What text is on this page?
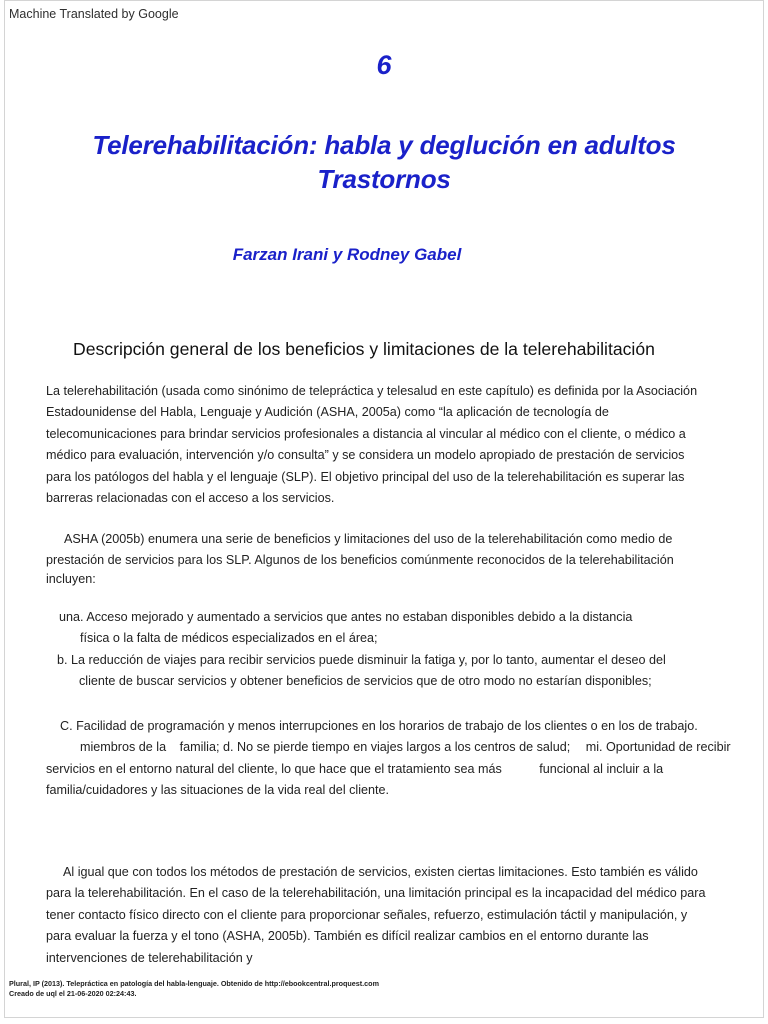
Machine Translated by Google
6
Telerehabilitación: habla y deglución en adultos
Trastornos
Farzan Irani y Rodney Gabel
Descripción general de los beneficios y limitaciones de la telerehabilitación
La telerehabilitación (usada como sinónimo de telepráctica y telesalud en este capítulo) es definida por la Asociación
Estadounidense del Habla, Lenguaje y Audición (ASHA, 2005a) como “la aplicación de tecnología de
telecomunicaciones para brindar servicios profesionales a distancia al vincular al médico con el cliente, o médico a
médico para evaluación, intervención y/o consulta” y se considera un modelo apropiado de prestación de servicios
para los patólogos del habla y el lenguaje (SLP). El objetivo principal del uso de la telerehabilitación es superar las
barreras relacionadas con el acceso a los servicios.
ASHA (2005b) enumera una serie de beneficios y limitaciones del uso de la telerehabilitación como medio de
prestación de servicios para los SLP. Algunos de los beneficios comúnmente reconocidos de la telerehabilitación
incluyen:
una. Acceso mejorado y aumentado a servicios que antes no estaban disponibles debido a la distancia
física o la falta de médicos especializados en el área;
b. La reducción de viajes para recibir servicios puede disminuir la fatiga y, por lo tanto, aumentar el deseo del
cliente de buscar servicios y obtener beneficios de servicios que de otro modo no estarían disponibles;
C. Facilidad de programación y menos interrupciones en los horarios de trabajo de los clientes o en los de trabajo. miembros de la familia; d. No se pierde tiempo en viajes largos a los centros de salud; mi. Oportunidad de recibir servicios en el entorno natural del cliente, lo que hace que el tratamiento sea más	funcional al incluir a la familia/cuidadores y las situaciones de la vida real del cliente.
Al igual que con todos los métodos de prestación de servicios, existen ciertas limitaciones. Esto también es válido
para la telerehabilitación. En el caso de la telerehabilitación, una limitación principal es la incapacidad del médico para
tener contacto físico directo con el cliente para proporcionar señales, refuerzo, estimulación táctil y manipulación, y
para evaluar la fuerza y el tono (ASHA, 2005b). También es difícil realizar cambios en el entorno durante las
intervenciones de telerehabilitación y
Plural, IP (2013). Telepráctica en patología del habla-lenguaje. Obtenido de http://ebookcentral.proquest.com
Creado de uql el 21-06-2020 02:24:43.
